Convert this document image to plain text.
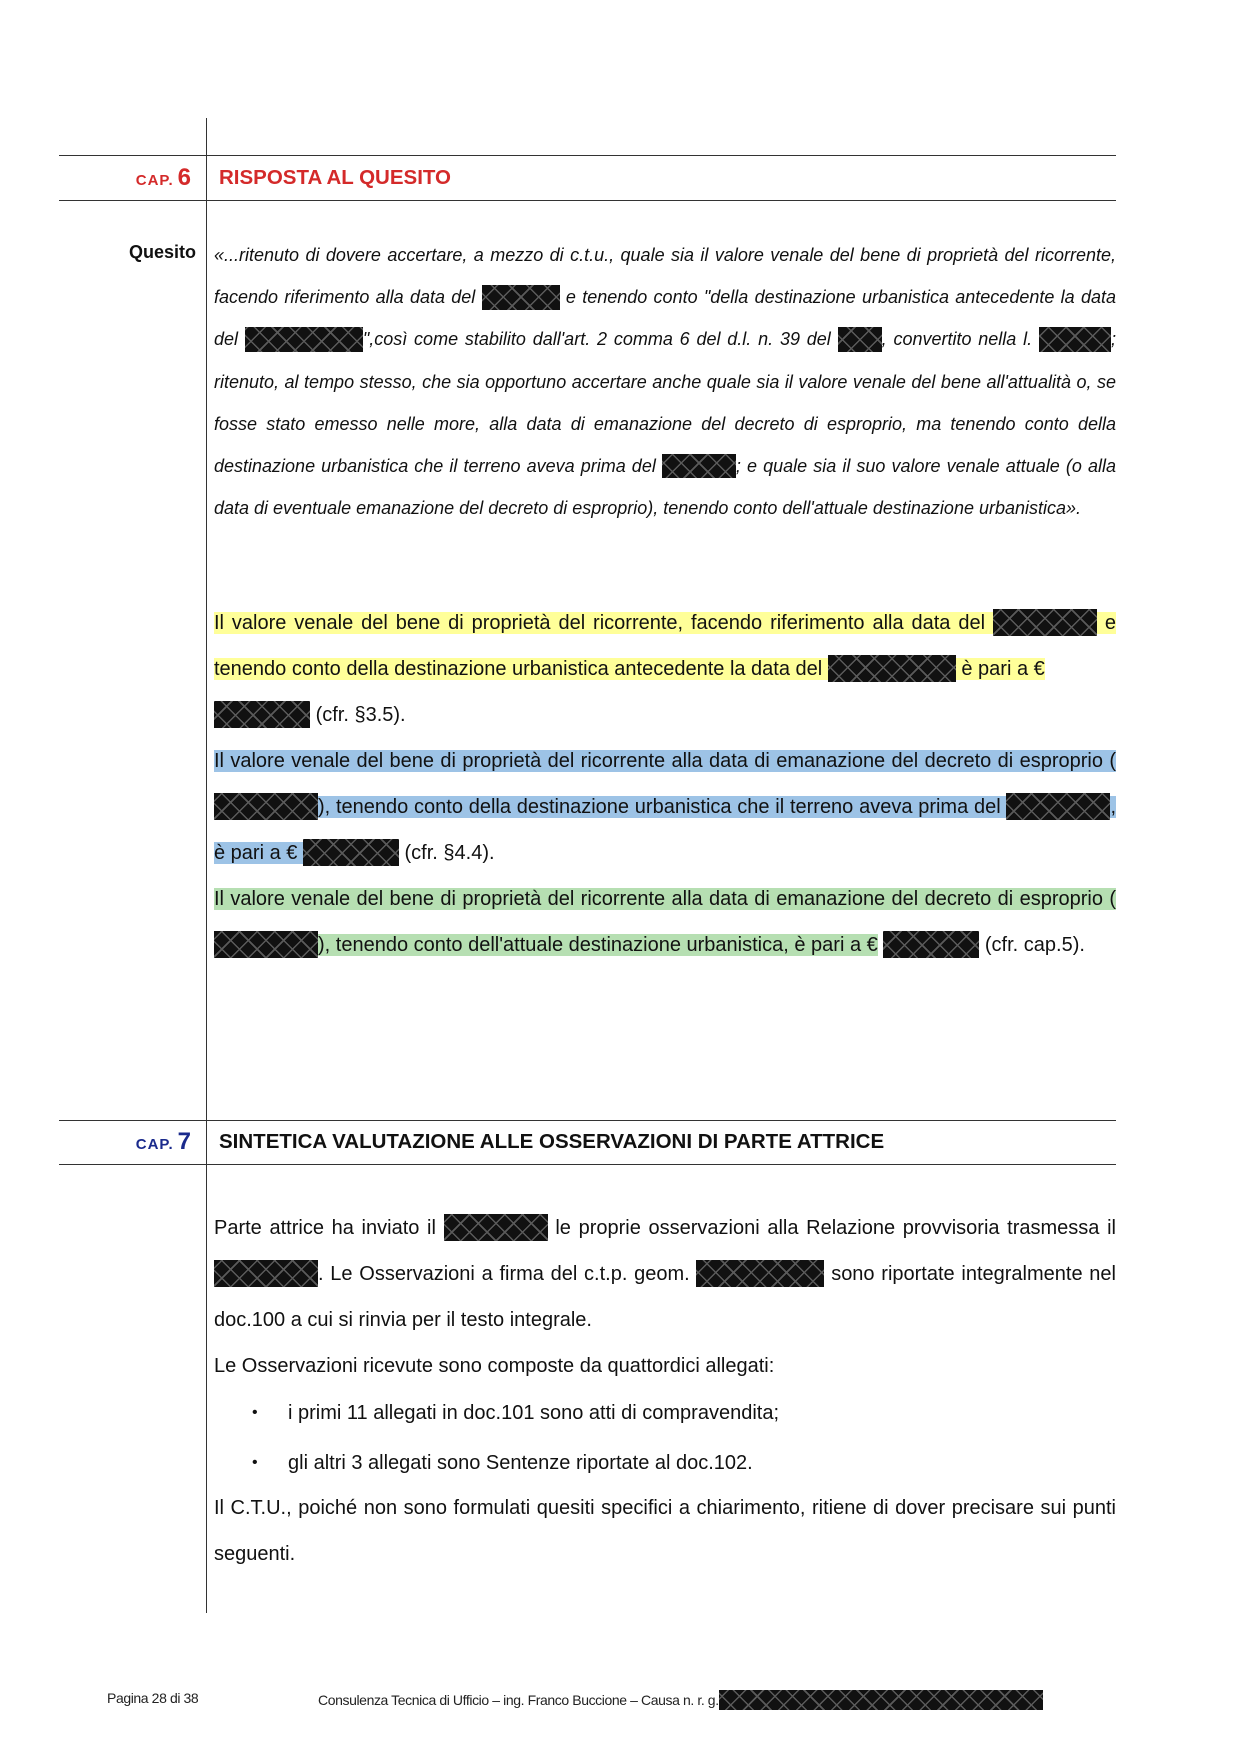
CAP. 6 RISPOSTA AL QUESITO
Quesito «...ritenuto di dovere accertare, a mezzo di c.t.u., quale sia il valore venale del bene di proprietà del ricorrente, facendo riferimento alla data del	e tenendo conto "della destinazione urbanistica antecedente la data del	",così come stabilito dall'art. 2 comma 6 del d.l. n. 39 del	, convertito nella l.	; ritenuto, al tempo stesso, che sia opportuno accertare anche quale sia il valore venale del bene all'attualità o, se fosse stato emesso nelle more, alla data di emanazione del decreto di esproprio, ma tenendo conto della destinazione urbanistica che il terreno aveva prima del	; e quale sia il suo valore venale attuale (o alla data di eventuale emanazione del decreto di esproprio), tenendo conto dell'attuale destinazione urbanistica».
Il valore venale del bene di proprietà del ricorrente, facendo riferimento alla data del	e tenendo conto della destinazione urbanistica antecedente la data del	è pari a €
(cfr. §3.5).
Il valore venale del bene di proprietà del ricorrente alla data di emanazione del decreto di esproprio (), tenendo conto della destinazione urbanistica che il terreno aveva prima del	, è pari a €	(cfr. §4.4).
Il valore venale del bene di proprietà del ricorrente alla data di emanazione del decreto di esproprio (), tenendo conto dell'attuale destinazione urbanistica, è pari a €	(cfr. cap.5).
CAP. 7 SINTETICA VALUTAZIONE ALLE OSSERVAZIONI DI PARTE ATTRICE
Parte attrice ha inviato il	le proprie osservazioni alla Relazione provvisoria trasmessa il . Le Osservazioni a firma del c.t.p. geom.	sono riportate integralmente nel doc.100 a cui si rinvia per il testo integrale.
Le Osservazioni ricevute sono composte da quattordici allegati:
• i primi 11 allegati in doc.101 sono atti di compravendita;
• gli altri 3 allegati sono Sentenze riportate al doc.102.
Il C.T.U., poiché non sono formulati quesiti specifici a chiarimento, ritiene di dover precisare sui punti seguenti.
Pagina 28 di 38	Consulenza Tecnica di Ufficio – ing. Franco Buccione – Causa n. r. g.
